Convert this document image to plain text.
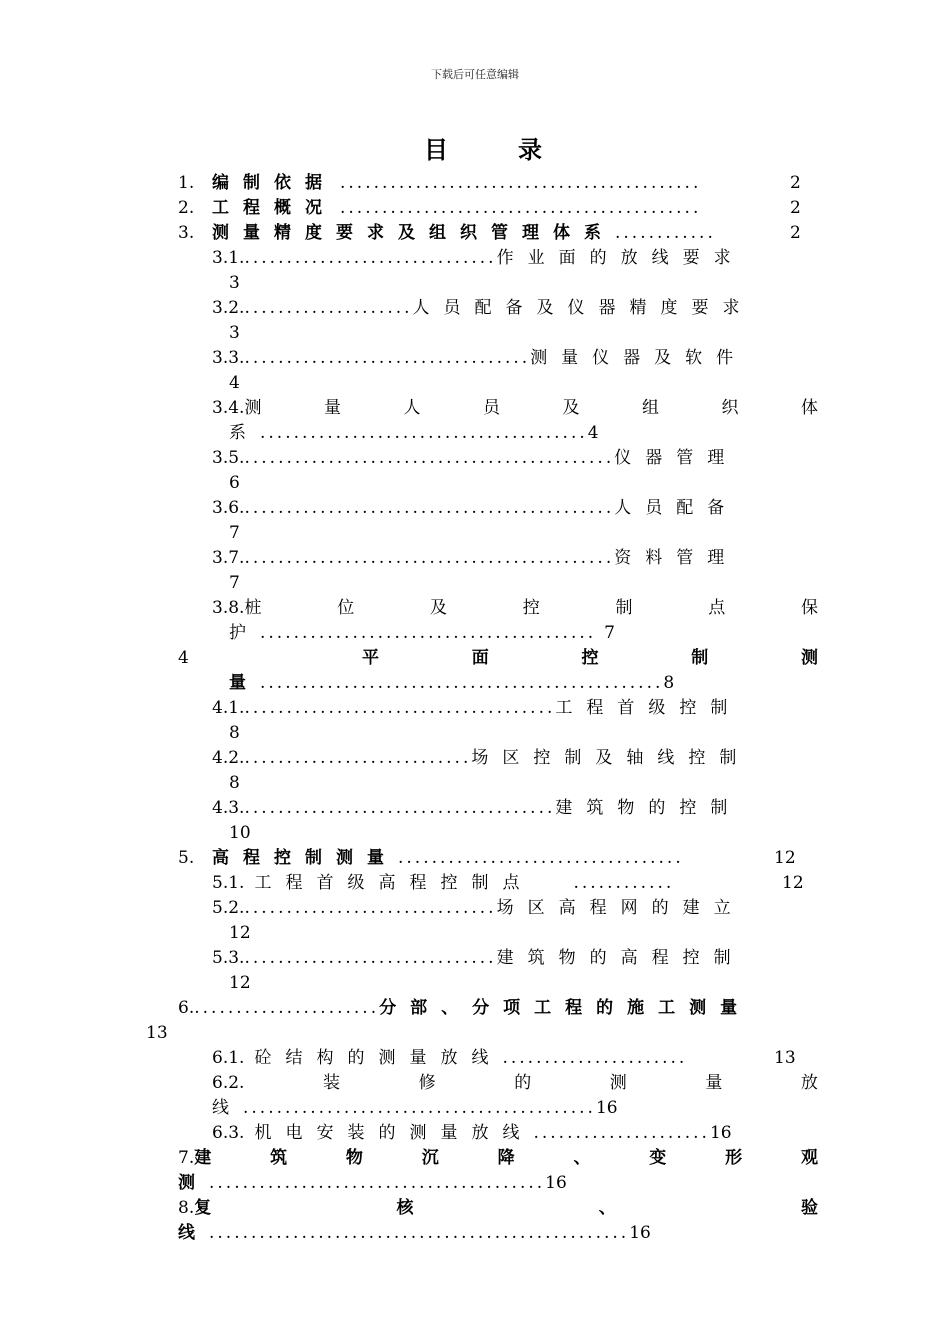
下载后可任意编辑
目	录
1. 编制依据 ...........................................	2
2. 工程概况 ...........................................	2
3. 测量精度要求及组织管理体系............	2
3.1...............................作业面的放线要求
3
3.2.....................人员配备及仪器精度要求
3
3.3...................................测量仪器及软件
4
3.4.测	量	人	员	及	组	织	体
系 .......................................4
3.5.............................................仪器管理
6
3.6.............................................人员配备
7
3.7.............................................资料管理
7
3.8.桩	位	及	控	制	点	保
护 ........................................ 7
4	平	面	控	制	测
量 ................................................8
4.1......................................工程首级控制
8
4.2............................场区控制及轴线控制
8
4.3......................................建筑物的控制
10
5. 高程控制测量..................................	12
5.1. 工程首级高程控制点 ............	12
5.2...............................场区高程网的建立
12
5.3...............................建筑物的高程控制
12
6.......................分部、分项工程的施工测量
13
6.1. 砼结构的测量放线......................	13
6.2.	装	修	的	测	量	放
线 ..........................................16
6.3. 机电安装的测量放线.....................16
7.建	筑	物	沉	降	、	变	形	观
测 ........................................16
8.复	核	、	验
线 ..................................................16
